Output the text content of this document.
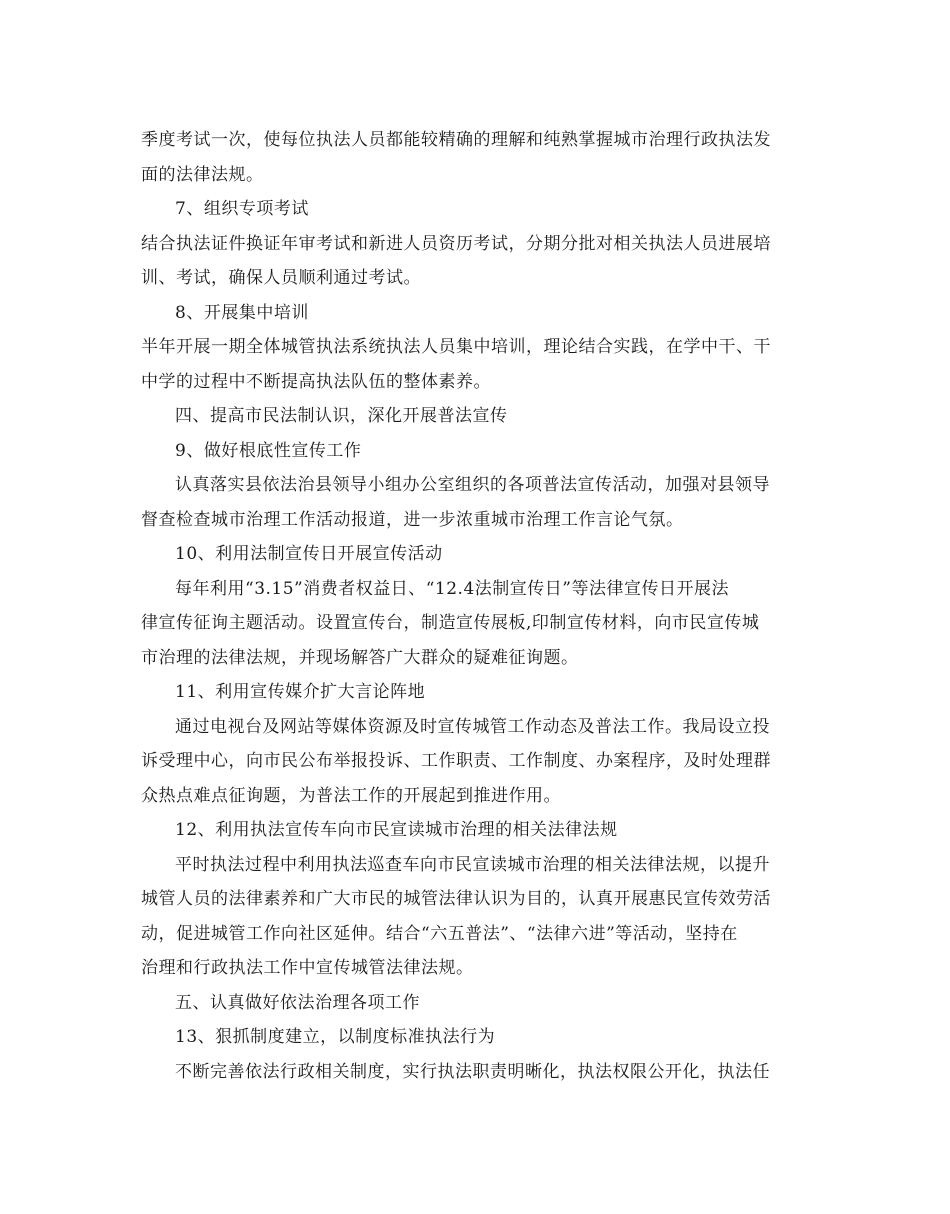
季度考试一次，使每位执法人员都能较精确的理解和纯熟掌握城市治理行政执法发

面的法律法规。

7、组织专项考试

结合执法证件换证年审考试和新进人员资历考试，分期分批对相关执法人员进展培

训、考试，确保人员顺利通过考试。

8、开展集中培训

半年开展一期全体城管执法系统执法人员集中培训，理论结合实践，在学中干、干

中学的过程中不断提高执法队伍的整体素养。

四、提高市民法制认识，深化开展普法宣传

9、做好根底性宣传工作

认真落实县依法治县领导小组办公室组织的各项普法宣传活动，加强对县领导

督查检查城市治理工作活动报道，进一步浓重城市治理工作言论气氛。

10、利用法制宣传日开展宣传活动

每年利用“3.15”消费者权益日、“12.4法制宣传日”等法律宣传日开展法

律宣传征询主题活动。设置宣传台，制造宣传展板,印制宣传材料，向市民宣传城

市治理的法律法规，并现场解答广大群众的疑难征询题。

11、利用宣传媒介扩大言论阵地

通过电视台及网站等媒体资源及时宣传城管工作动态及普法工作。我局设立投

诉受理中心，向市民公布举报投诉、工作职责、工作制度、办案程序，及时处理群

众热点难点征询题，为普法工作的开展起到推进作用。

12、利用执法宣传车向市民宣读城市治理的相关法律法规

平时执法过程中利用执法巡查车向市民宣读城市治理的相关法律法规，以提升

城管人员的法律素养和广大市民的城管法律认识为目的，认真开展惠民宣传效劳活

动，促进城管工作向社区延伸。结合“六五普法”、“法律六进”等活动，坚持在

治理和行政执法工作中宣传城管法律法规。

五、认真做好依法治理各项工作

13、狠抓制度建立，以制度标准执法行为

不断完善依法行政相关制度，实行执法职责明晰化，执法权限公开化，执法任
